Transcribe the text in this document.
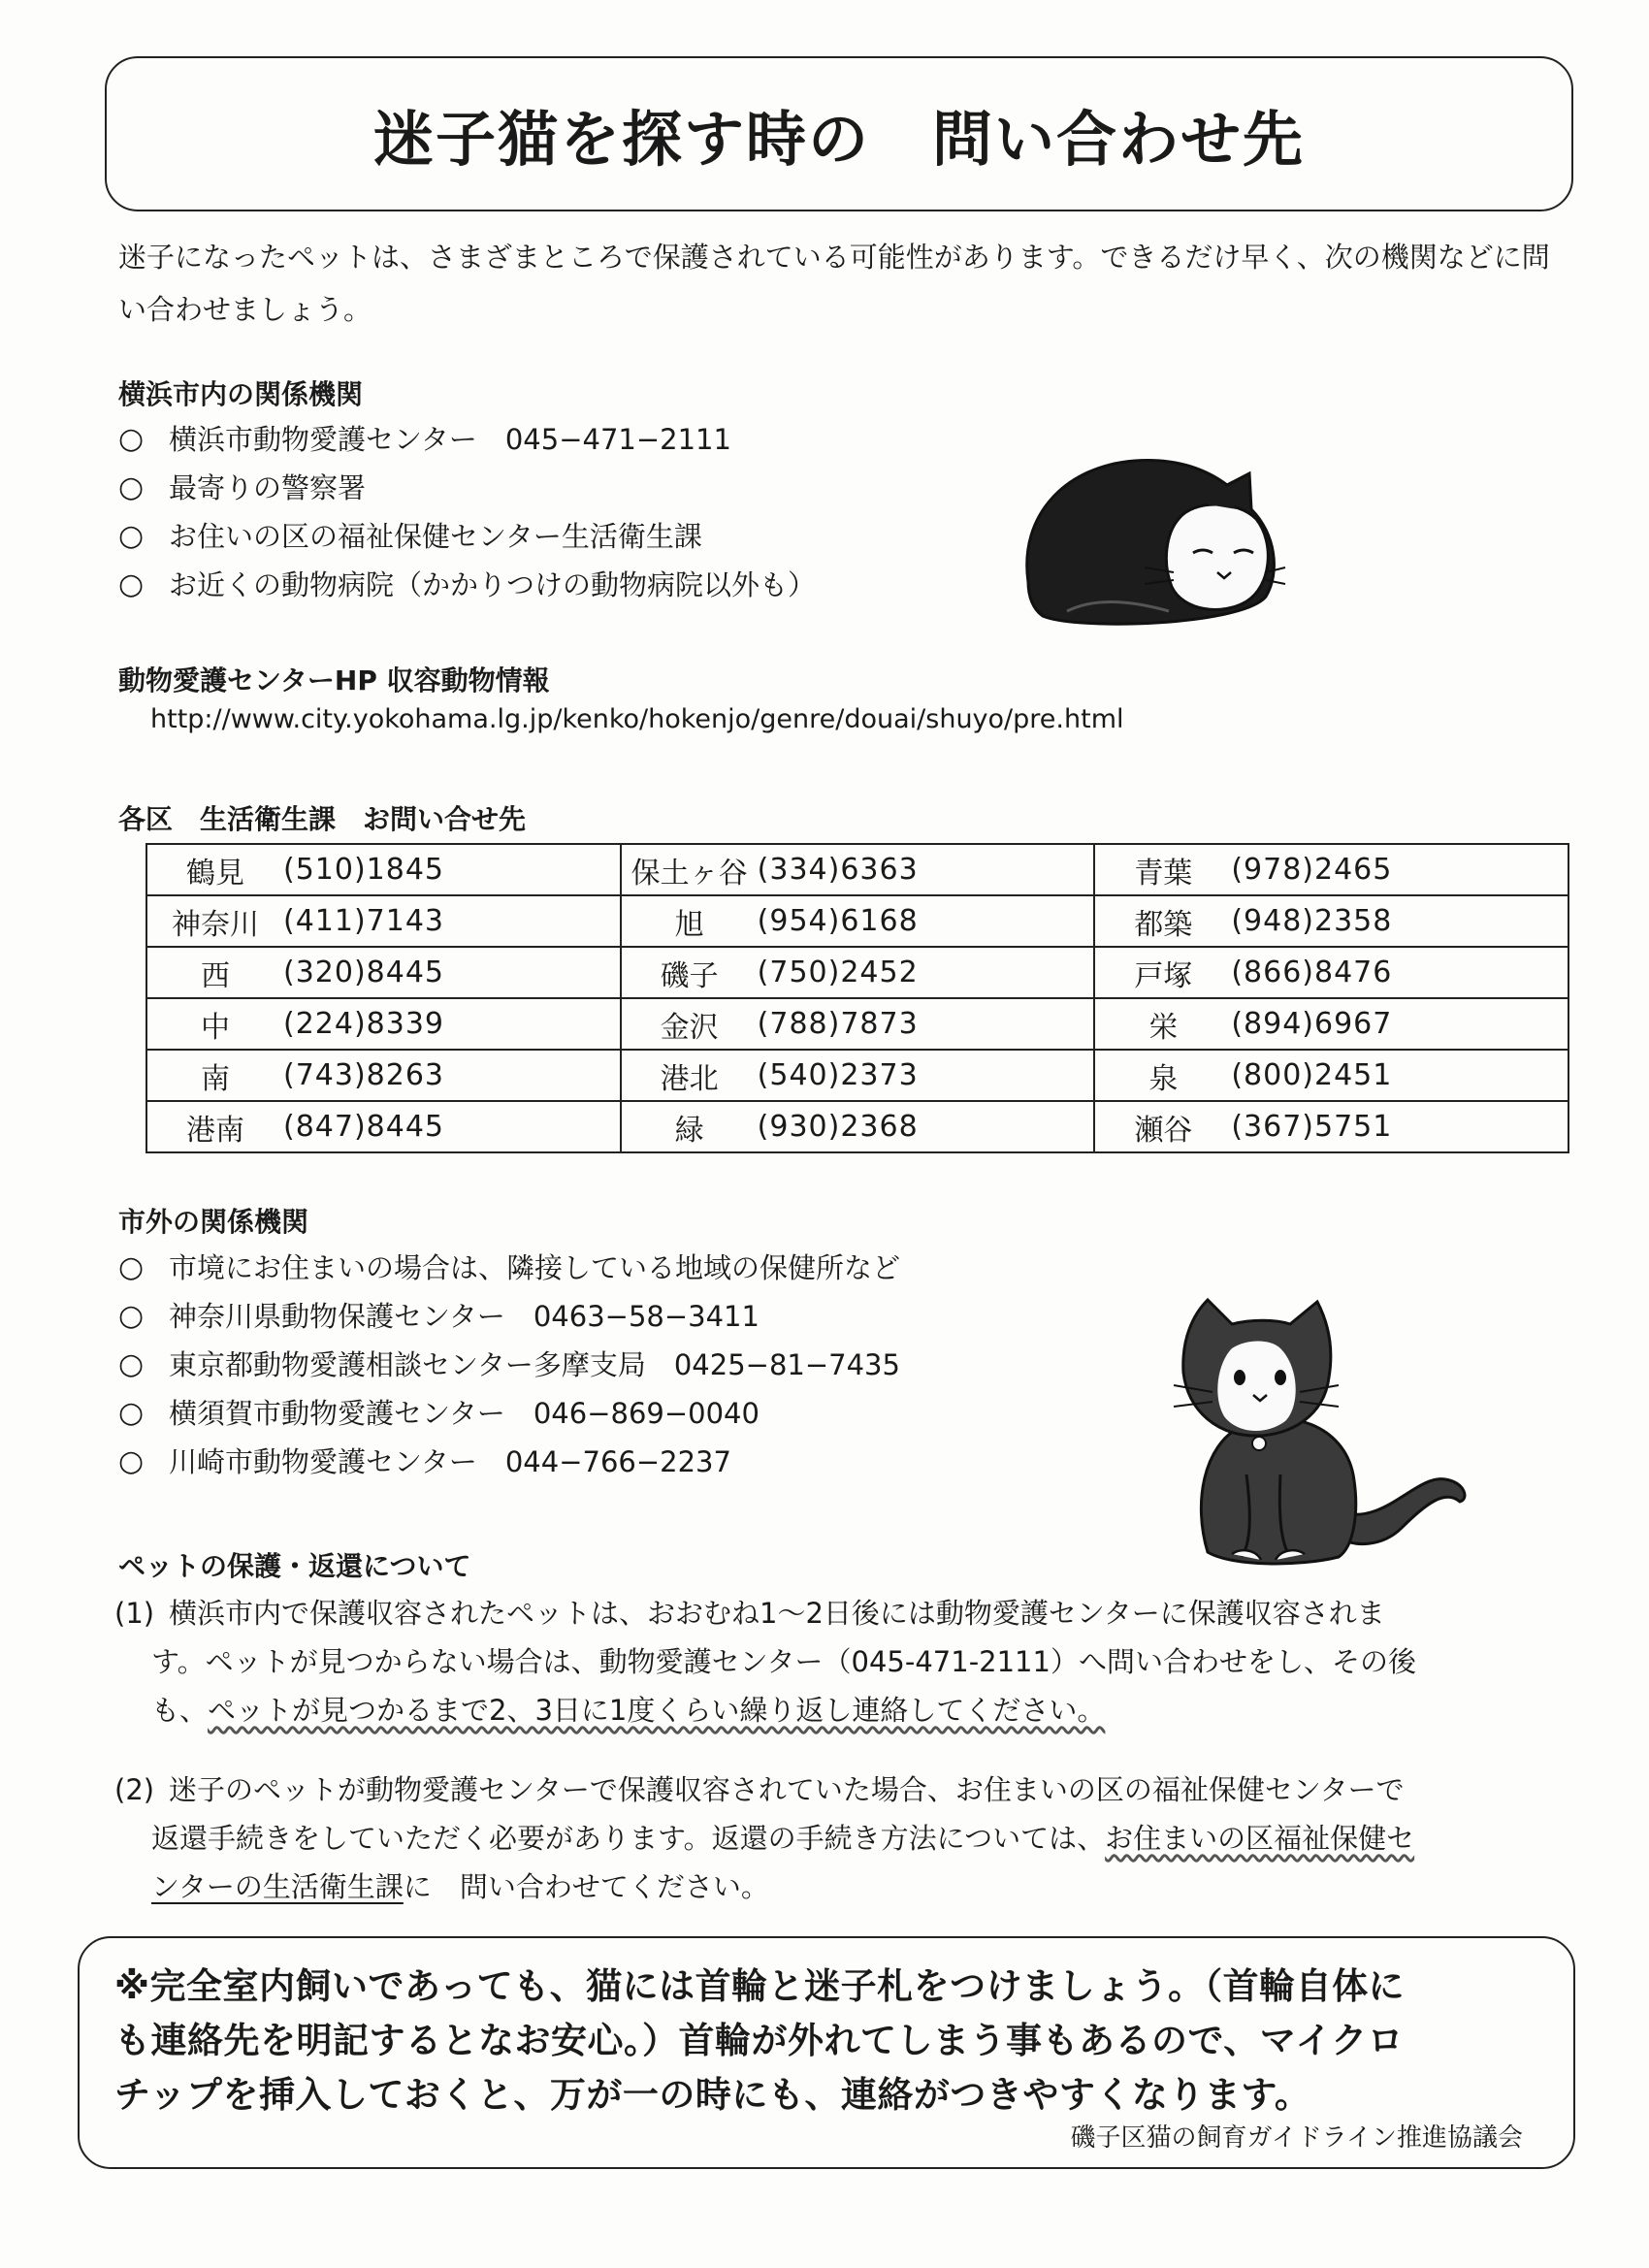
迷子猫を探す時の　問い合わせ先

迷子になったペットは、さまざまところで保護されている可能性があります。できるだけ早く、次の機関などに問い合わせましょう。

横浜市内の関係機関
○ 横浜市動物愛護センター　045−471−2111
○ 最寄りの警察署
○ お住いの区の福祉保健センター生活衛生課
○ お近くの動物病院（かかりつけの動物病院以外も）
動物愛護センターHP 収容動物情報
http://www.city.yokohama.lg.jp/kenko/hokenjo/genre/douai/shuyo/pre.html
各区　生活衛生課　お問い合せ先
鶴見 (510)1845	保土ヶ谷 (334)6363	青葉 (978)2465

神奈川 (411)7143	旭 (954)6168	都築 (948)2358

西 (320)8445	磯子 (750)2452	戸塚 (866)8476

中 (224)8339	金沢 (788)7873	栄 (894)6967

南 (743)8263	港北 (540)2373	泉 (800)2451

港南 (847)8445	緑 (930)2368	瀬谷 (367)5751
市外の関係機関
○ 市境にお住まいの場合は、隣接している地域の保健所など
○ 神奈川県動物保護センター　0463−58−3411
○ 東京都動物愛護相談センター多摩支局　0425−81−7435
○ 横須賀市動物愛護センター　046−869−0040
○ 川崎市動物愛護センター　044−766−2237
ペットの保護・返還について
(1) 横浜市内で保護収容されたペットは、おおむね1〜2日後には動物愛護センターに保護収容されま
す。ペットが見つからない場合は、動物愛護センター（045-471-2111）へ問い合わせをし、その後
も、ペットが見つかるまで2、3日に1度くらい繰り返し連絡してください。
(2) 迷子のペットが動物愛護センターで保護収容されていた場合、お住まいの区の福祉保健センターで
返還手続きをしていただく必要があります。返還の手続き方法については、お住まいの区福祉保健セ
ンターの生活衛生課に　問い合わせてください。

※完全室内飼いであっても、猫には首輪と迷子札をつけましょう。（首輪自体に

も連絡先を明記するとなお安心。）首輪が外れてしまう事もあるので、マイクロ

チップを挿入しておくと、万が一の時にも、連絡がつきやすくなります。

磯子区猫の飼育ガイドライン推進協議会
